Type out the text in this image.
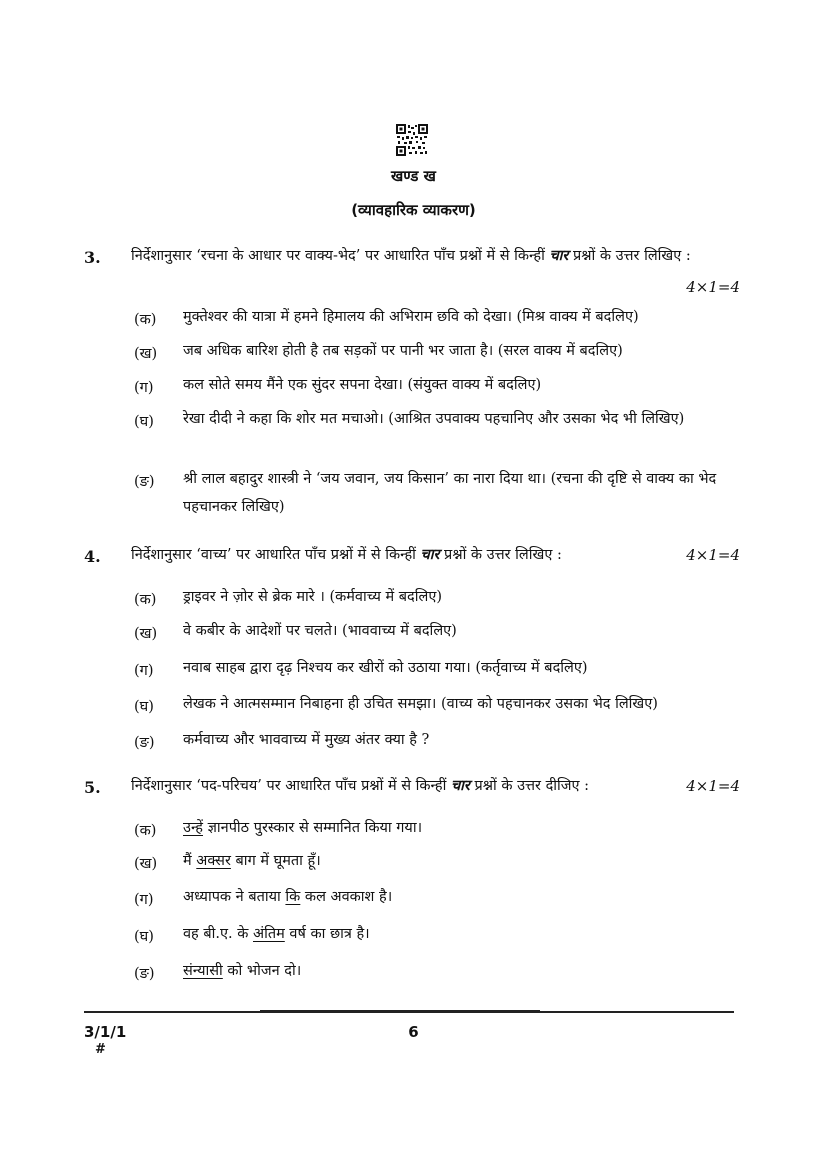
खण्ड ख
(व्यावहारिक व्याकरण)
3. निर्देशानुसार ‘रचना के आधार पर वाक्य-भेद’ पर आधारित पाँच प्रश्नों में से किन्हीं चार प्रश्नों के उत्तर लिखिए :
4×1=4
(क) मुक्तेश्वर की यात्रा में हमने हिमालय की अभिराम छवि को देखा। (मिश्र वाक्य में बदलिए)
(ख) जब अधिक बारिश होती है तब सड़कों पर पानी भर जाता है। (सरल वाक्य में बदलिए)
(ग) कल सोते समय मैंने एक सुंदर सपना देखा। (संयुक्त वाक्य में बदलिए)
(घ) रेखा दीदी ने कहा कि शोर मत मचाओ। (आश्रित उपवाक्य पहचानिए और उसका भेद भी लिखिए)
(ङ) श्री लाल बहादुर शास्त्री ने ‘जय जवान, जय किसान’ का नारा दिया था। (रचना की दृष्टि से वाक्य का भेद पहचानकर लिखिए)
4. निर्देशानुसार ‘वाच्य’ पर आधारित पाँच प्रश्नों में से किन्हीं चार प्रश्नों के उत्तर लिखिए :	4×1=4
(क) ड्राइवर ने ज़ोर से ब्रेक मारे । (कर्मवाच्य में बदलिए)
(ख) वे कबीर के आदेशों पर चलते। (भाववाच्य में बदलिए)
(ग) नवाब साहब द्वारा दृढ़ निश्चय कर खीरों को उठाया गया। (कर्तृवाच्य में बदलिए)
(घ) लेखक ने आत्मसम्मान निबाहना ही उचित समझा। (वाच्य को पहचानकर उसका भेद लिखिए)
(ङ) कर्मवाच्य और भाववाच्य में मुख्य अंतर क्या है ?
5. निर्देशानुसार ‘पद-परिचय’ पर आधारित पाँच प्रश्नों में से किन्हीं चार प्रश्नों के उत्तर दीजिए :	4×1=4
(क) उन्हें ज्ञानपीठ पुरस्कार से सम्मानित किया गया।
(ख) मैं अक्सर बाग में घूमता हूँ।
(ग) अध्यापक ने बताया कि कल अवकाश है।
(घ) वह बी.ए. के अंतिम वर्ष का छात्र है।
(ङ) संन्यासी को भोजन दो।
3/1/1
#
6
